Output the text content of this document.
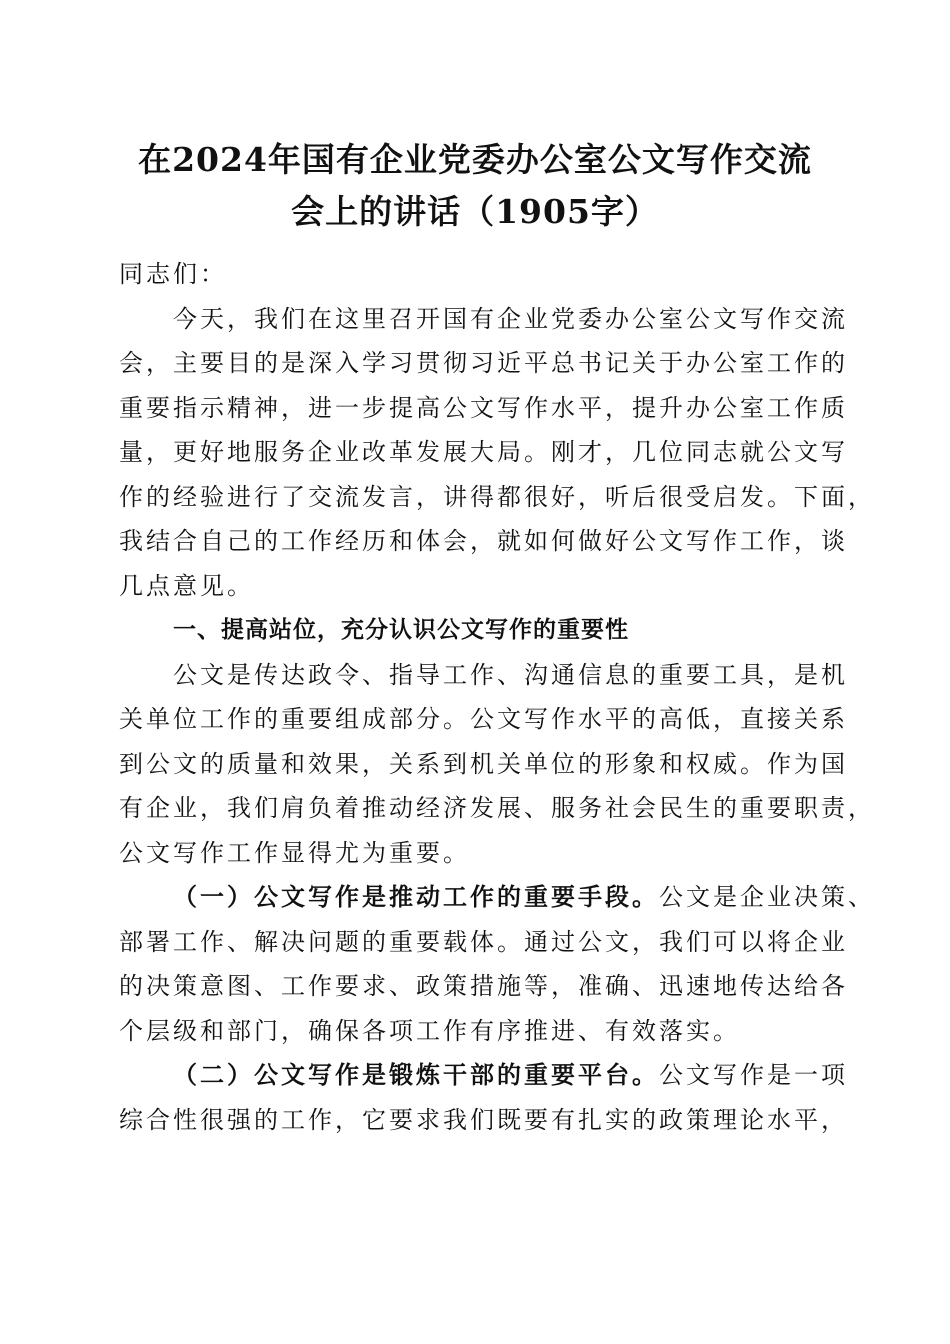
在2024年国有企业党委办公室公文写作交流
会上的讲话（1905字）
同志们：
今天，我们在这里召开国有企业党委办公室公文写作交流
会，主要目的是深入学习贯彻习近平总书记关于办公室工作的
重要指示精神，进一步提高公文写作水平，提升办公室工作质
量，更好地服务企业改革发展大局。刚才，几位同志就公文写
作的经验进行了交流发言，讲得都很好，听后很受启发。下面，
我结合自己的工作经历和体会，就如何做好公文写作工作，谈
几点意见。
一、提高站位，充分认识公文写作的重要性
公文是传达政令、指导工作、沟通信息的重要工具，是机
关单位工作的重要组成部分。公文写作水平的高低，直接关系
到公文的质量和效果，关系到机关单位的形象和权威。作为国
有企业，我们肩负着推动经济发展、服务社会民生的重要职责，
公文写作工作显得尤为重要。
（一）公文写作是推动工作的重要手段。公文是企业决策、
部署工作、解决问题的重要载体。通过公文，我们可以将企业
的决策意图、工作要求、政策措施等，准确、迅速地传达给各
个层级和部门，确保各项工作有序推进、有效落实。
（二）公文写作是锻炼干部的重要平台。公文写作是一项
综合性很强的工作，它要求我们既要有扎实的政策理论水平，
